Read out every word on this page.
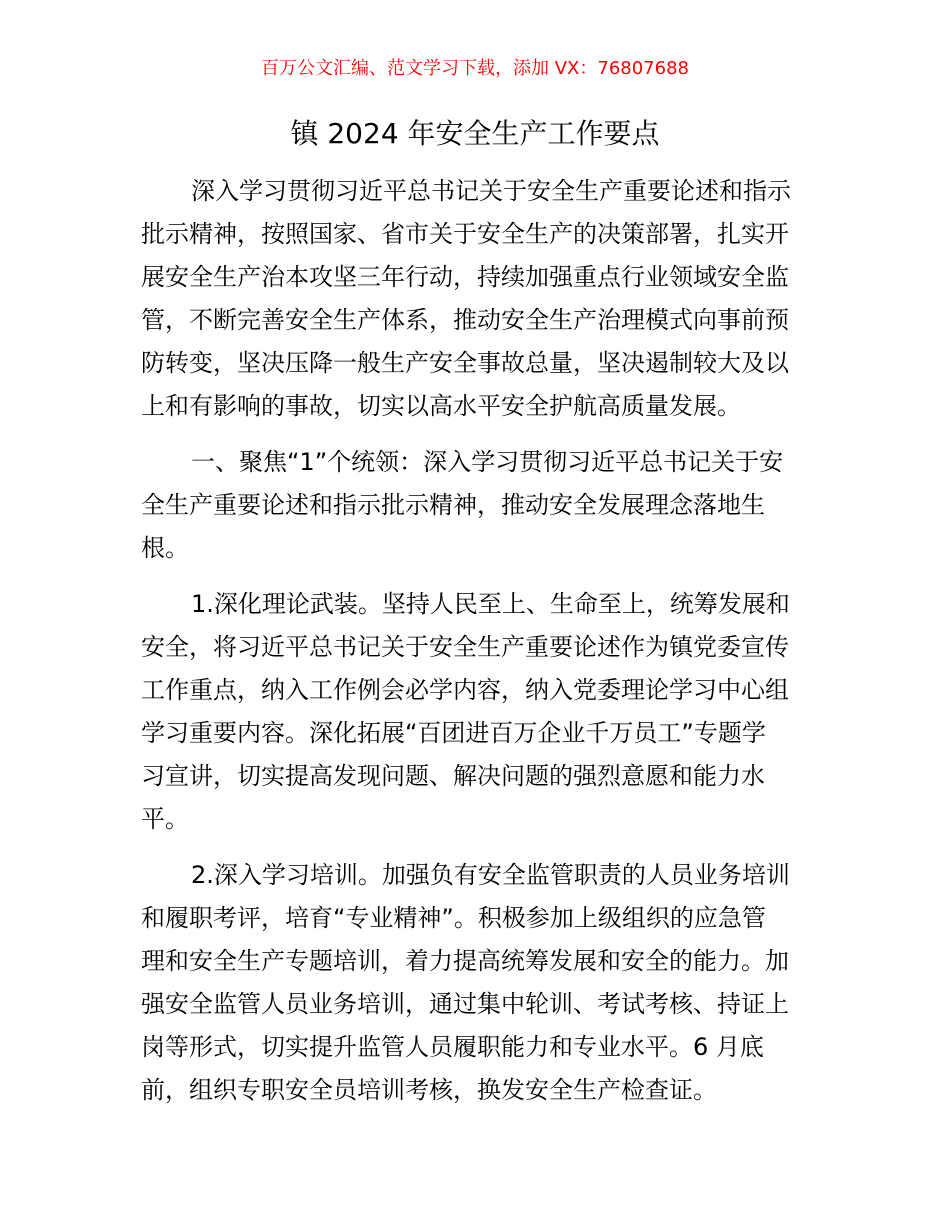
百万公文汇编、范文学习下载，添加 VX：76807688
镇 2024 年安全生产工作要点
深入学习贯彻习近平总书记关于安全生产重要论述和指示
批示精神，按照国家、省市关于安全生产的决策部署，扎实开
展安全生产治本攻坚三年行动，持续加强重点行业领域安全监
管，不断完善安全生产体系，推动安全生产治理模式向事前预
防转变，坚决压降一般生产安全事故总量，坚决遏制较大及以
上和有影响的事故，切实以高水平安全护航高质量发展。
一、聚焦“1”个统领：深入学习贯彻习近平总书记关于安
全生产重要论述和指示批示精神，推动安全发展理念落地生
根。
1.深化理论武装。坚持人民至上、生命至上，统筹发展和
安全，将习近平总书记关于安全生产重要论述作为镇党委宣传
工作重点，纳入工作例会必学内容，纳入党委理论学习中心组
学习重要内容。深化拓展“百团进百万企业千万员工”专题学
习宣讲，切实提高发现问题、解决问题的强烈意愿和能力水
平。
2.深入学习培训。加强负有安全监管职责的人员业务培训
和履职考评，培育“专业精神”。积极参加上级组织的应急管
理和安全生产专题培训，着力提高统筹发展和安全的能力。加
强安全监管人员业务培训，通过集中轮训、考试考核、持证上
岗等形式，切实提升监管人员履职能力和专业水平。6 月底
前，组织专职安全员培训考核，换发安全生产检查证。
